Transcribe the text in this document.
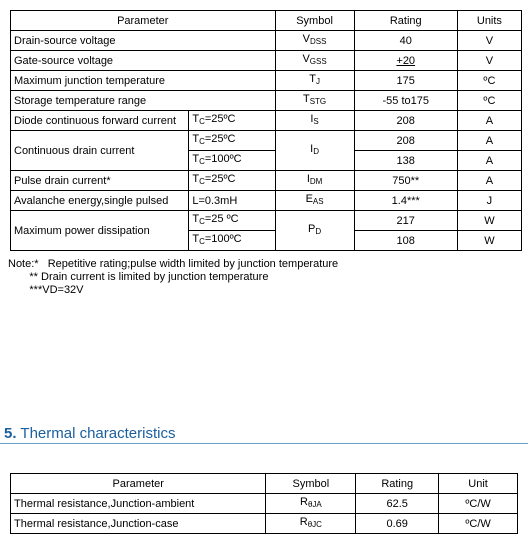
Parameter		Symbol	Rating	Units
Drain-source voltage		$V_{DSS}$	40	V
Gate-source voltage		$V_{GSS}$	+20	V
Maximum junction temperature		$T_J$	175	ºC
Storage temperature range		$T_{STG}$	-55 to175	ºC
Diode continuous forward current	$T_C=25ºC$	$I_S$	208	A
Continuous drain current	$T_C=25ºC$	$I_D$	208	A
	$T_C=100ºC$		138	A
Pulse drain current*	$T_C=25ºC$	$I_{DM}$	750**	A
Avalanche energy,single pulsed	L=0.3mH	$E_{AS}$	1.4***	J
Maximum power dissipation	$T_C=25$ ºC	$P_D$	217	W
	$T_C=100ºC$		108	W
Note:*   Repetitive rating;pulse width limited by junction temperature
** Drain current is limited by junction temperature
***VD=32V
5. Thermal characteristics
Parameter	Symbol	Rating	Unit
Thermal resistance,Junction-ambient	$R_{\theta JA}$	62.5	ºC/W
Thermal resistance,Junction-case	$R_{\theta JC}$	0.69	ºC/W
